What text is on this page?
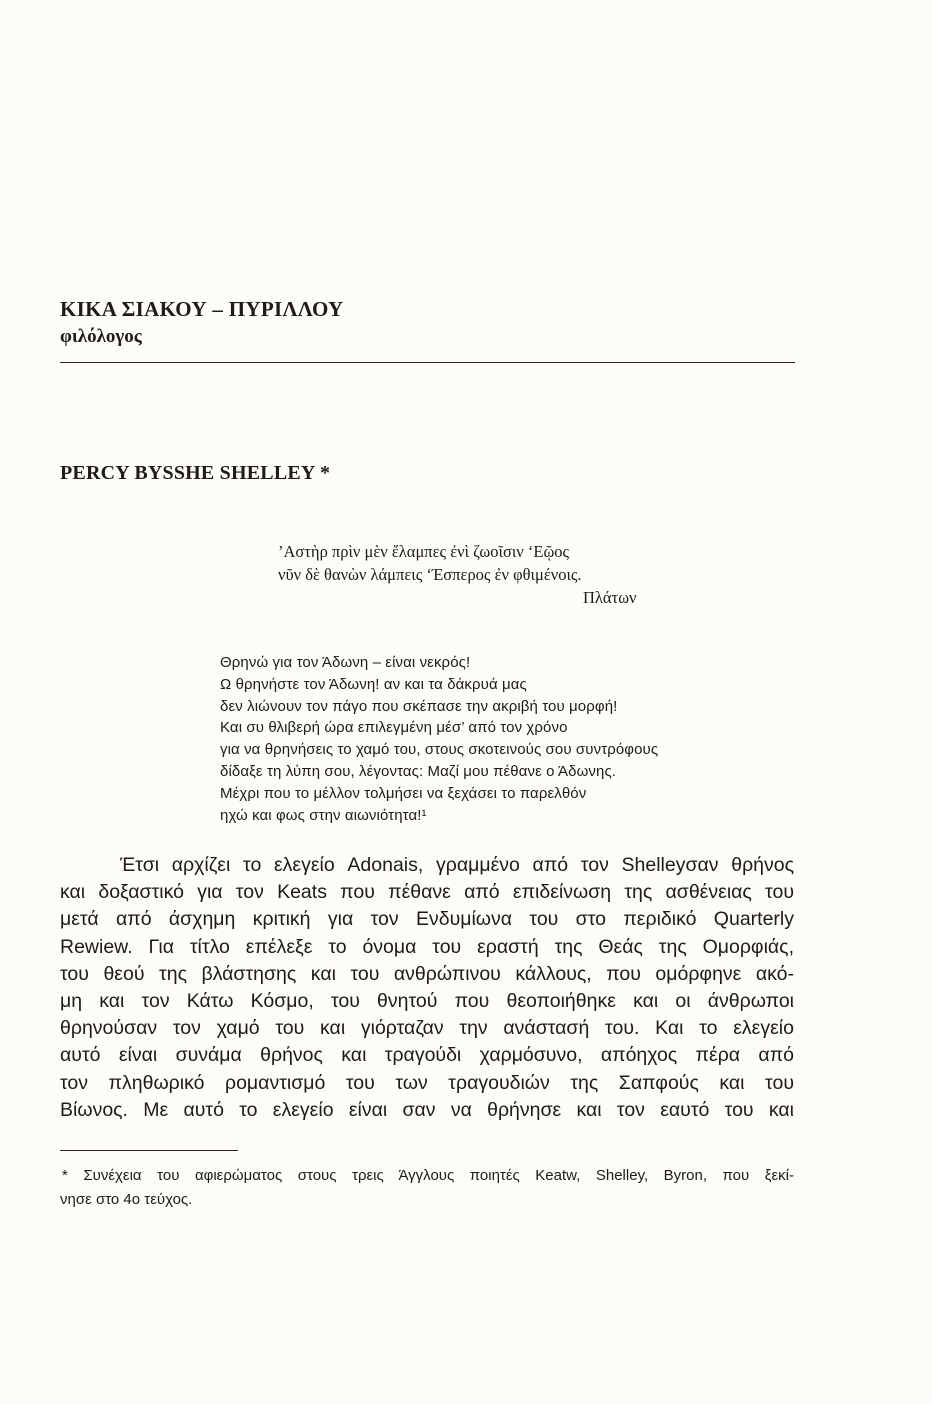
ΚΙΚΑ ΣΙΑΚΟΥ – ΠΥΡΙΛΛΟΥ
φιλόλογος
PERCY BYSSHE SHELLEY *
’Αστὴρ πρὶν μὲν ἔλαμπες ἐνὶ ζωοῖσιν ‘Εῷος
νῦν δὲ θανὼν λάμπεις ‘Έσπερος ἐν φθιμένοις.
Πλάτων
Θρηνώ για τον Άδωνη – είναι νεκρός!
Ω θρηνήστε τον Άδωνη! αν και τα δάκρυά μας
δεν λιώνουν τον πάγο που σκέπασε την ακριβή του μορφή!
Και συ θλιβερή ώρα επιλεγμένη μέσ’ από τον χρόνο
για να θρηνήσεις το χαμό του, στους σκοτεινούς σου συντρόφους
δίδαξε τη λύπη σου, λέγοντας: Μαζί μου πέθανε ο Άδωνης.
Μέχρι που το μέλλον τολμήσει να ξεχάσει το παρελθόν
ηχώ και φως στην αιωνιότητα!¹
Έτσι αρχίζει το ελεγείο Adonais, γραμμένο από τον Shelleyσαν θρήνος
και δοξαστικό για τον Keats που πέθανε από επιδείνωση της ασθένειας του
μετά από άσχημη κριτική για τον Ενδυμίωνα του στο περιδικό Quarterly
Rewiew. Για τίτλο επέλεξε το όνομα του εραστή της Θεάς της Ομορφιάς,
του θεού της βλάστησης και του ανθρώπινου κάλλους, που ομόρφηνε ακό-
μη και τον Κάτω Κόσμο, του θνητού που θεοποιήθηκε και οι άνθρωποι
θρηνούσαν τον χαμό του και γιόρταζαν την ανάστασή του. Και το ελεγείο
αυτό είναι συνάμα θρήνος και τραγούδι χαρμόσυνο, απόηχος πέρα από
τον πληθωρικό ρομαντισμό του των τραγουδιών της Σαπφούς και του
Βίωνος. Με αυτό το ελεγείο είναι σαν να θρήνησε και τον εαυτό του και
* Συνέχεια του αφιερώματος στους τρεις Άγγλους ποιητές Keatw, Shelley, Byron, που ξεκί-
νησε στο 4ο τεύχος.
